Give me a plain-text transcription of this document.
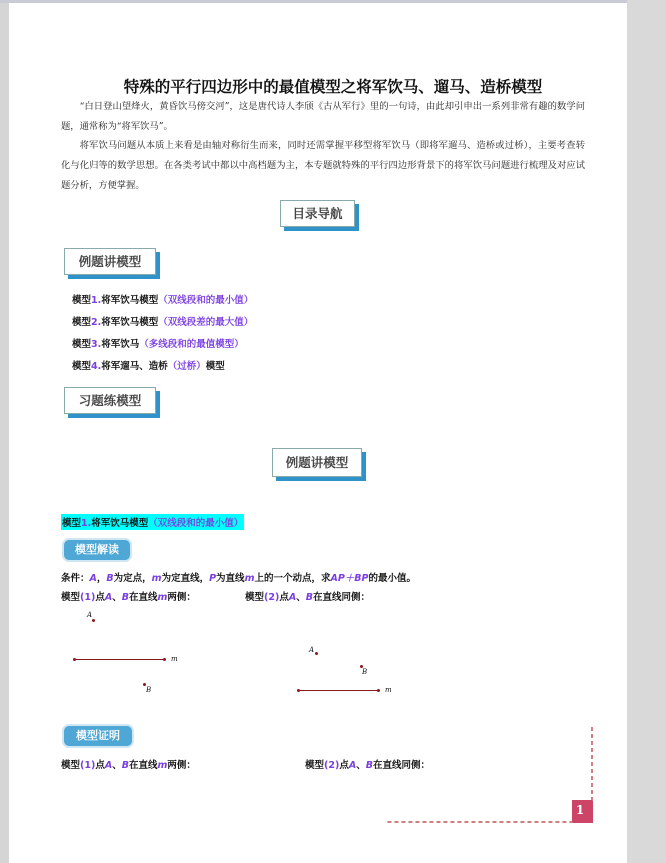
特殊的平行四边形中的最值模型之将军饮马、遛马、造桥模型
“白日登山望烽火，黄昏饮马傍交河”，这是唐代诗人李颀《古从军行》里的一句诗，由此却引申出一系列非常有趣的数学问题，通常称为“将军饮马”。
将军饮马问题从本质上来看是由轴对称衍生而来，同时还需掌握平移型将军饮马（即将军遛马、造桥或过桥），主要考查转化与化归等的数学思想。在各类考试中都以中高档题为主，本专题就特殊的平行四边形背景下的将军饮马问题进行梳理及对应试题分析，方便掌握。
目录导航
例题讲模型
模型1.将军饮马模型（双线段和的最小值）
模型2.将军饮马模型（双线段差的最大值）
模型3.将军饮马（多线段和的最值模型）
模型4.将军遛马、造桥（过桥）模型
习题练模型
例题讲模型
模型1.将军饮马模型（双线段和的最小值）
模型解读
条件：A，B为定点，m为定直线，P为直线m上的一个动点，求AP＋BP的最小值。
模型(1)点A、B在直线m两侧：	模型(2)点A、B在直线同侧：
A
m
B
A
B
m
模型证明
模型(1)点A、B在直线m两侧：	模型(2)点A、B在直线同侧：
1
